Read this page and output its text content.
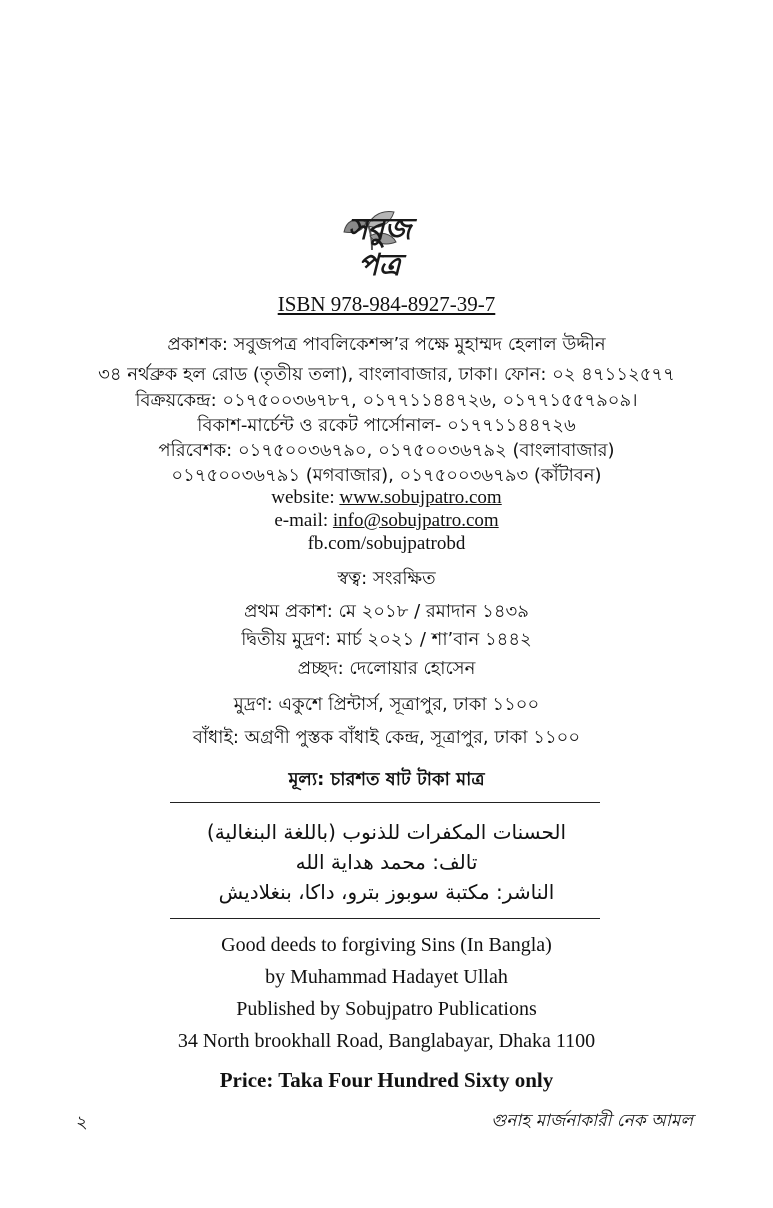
সবুজ পত্র
ISBN 978-984-8927-39-7
প্রকাশক: সবুজপত্র পাবলিকেশন্স’র পক্ষে মুহাম্মদ হেলাল উদ্দীন
৩৪ নর্থব্রুক হল রোড (তৃতীয় তলা), বাংলাবাজার, ঢাকা। ফোন: ০২ ৪৭১১২৫৭৭
বিক্রয়কেন্দ্র: ০১৭৫০০৩৬৭৮৭, ০১৭৭১১৪৪৭২৬, ০১৭৭১৫৫৭৯০৯।
বিকাশ-মার্চেন্ট ও রকেট পার্সোনাল- ০১৭৭১১৪৪৭২৬
পরিবেশক: ০১৭৫০০৩৬৭৯০, ০১৭৫০০৩৬৭৯২ (বাংলাবাজার)
০১৭৫০০৩৬৭৯১ (মগবাজার), ০১৭৫০০৩৬৭৯৩ (কাঁটাবন)
website: www.sobujpatro.com
e-mail: info@sobujpatro.com
fb.com/sobujpatrobd
স্বত্ব: সংরক্ষিত
প্রথম প্রকাশ: মে ২০১৮ / রমাদান ১৪৩৯
দ্বিতীয় মুদ্রণ: মার্চ ২০২১ / শা’বান ১৪৪২
প্রচ্ছদ: দেলোয়ার হোসেন
মুদ্রণ: একুশে প্রিন্টার্স, সূত্রাপুর, ঢাকা ১১০০
বাঁধাই: অগ্রণী পুস্তক বাঁধাই কেন্দ্র, সূত্রাপুর, ঢাকা ১১০০
মূল্য: চারশত ষাট টাকা মাত্র
الحسنات المكفرات للذنوب (باللغة البنغالية)
تالف: محمد هداية الله
الناشر: مكتبة سوبوز بترو، داكا، بنغلاديش
Good deeds to forgiving Sins (In Bangla)
by Muhammad Hadayet Ullah
Published by Sobujpatro Publications
34 North brookhall Road, Banglabayar, Dhaka 1100
Price: Taka Four Hundred Sixty only
২	গুনাহ মার্জনাকারী নেক আমল
